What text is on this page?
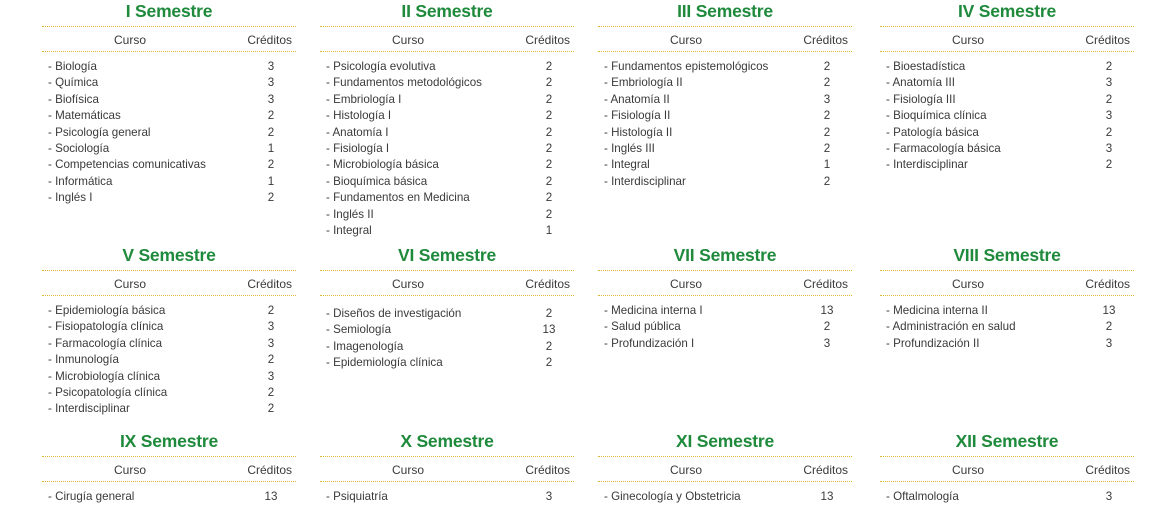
I Semestre
Curso	Créditos
- Biología	3
- Química	3
- Biofísica	3
- Matemáticas	2
- Psicología general	2
- Sociología	1
- Competencias comunicativas	2
- Informática	1
- Inglés I	2
II Semestre
Curso	Créditos
- Psicología evolutiva	2
- Fundamentos metodológicos	2
- Embriología I	2
- Histología I	2
- Anatomía I	2
- Fisiología I	2
- Microbiología básica	2
- Bioquímica básica	2
- Fundamentos en Medicina	2
- Inglés II	2
- Integral	1
III Semestre
Curso	Créditos
- Fundamentos epistemológicos	2
- Embriología II	2
- Anatomía II	3
- Fisiología II	2
- Histología II	2
- Inglés III	2
- Integral	1
- Interdisciplinar	2
IV Semestre
Curso	Créditos
- Bioestadística	2
- Anatomía III	3
- Fisiología III	2
- Bioquímica clínica	3
- Patología básica	2
- Farmacología básica	3
- Interdisciplinar	2
V Semestre
Curso	Créditos
- Epidemiología básica	2
- Fisiopatología clínica	3
- Farmacología clínica	3
- Inmunología	2
- Microbiología clínica	3
- Psicopatología clínica	2
- Interdisciplinar	2
VI Semestre
Curso	Créditos
- Diseños de investigación	2
- Semiología	13
- Imagenología	2
- Epidemiología clínica	2
VII Semestre
Curso	Créditos
- Medicina interna I	13
- Salud pública	2
- Profundización I	3
VIII Semestre
Curso	Créditos
- Medicina interna II	13
- Administración en salud	2
- Profundización II	3
IX Semestre
Curso	Créditos
- Cirugía general	13
X Semestre
Curso	Créditos
- Psiquiatría	3
XI Semestre
Curso	Créditos
- Ginecología y Obstetricia	13
XII Semestre
Curso	Créditos
- Oftalmología	3
